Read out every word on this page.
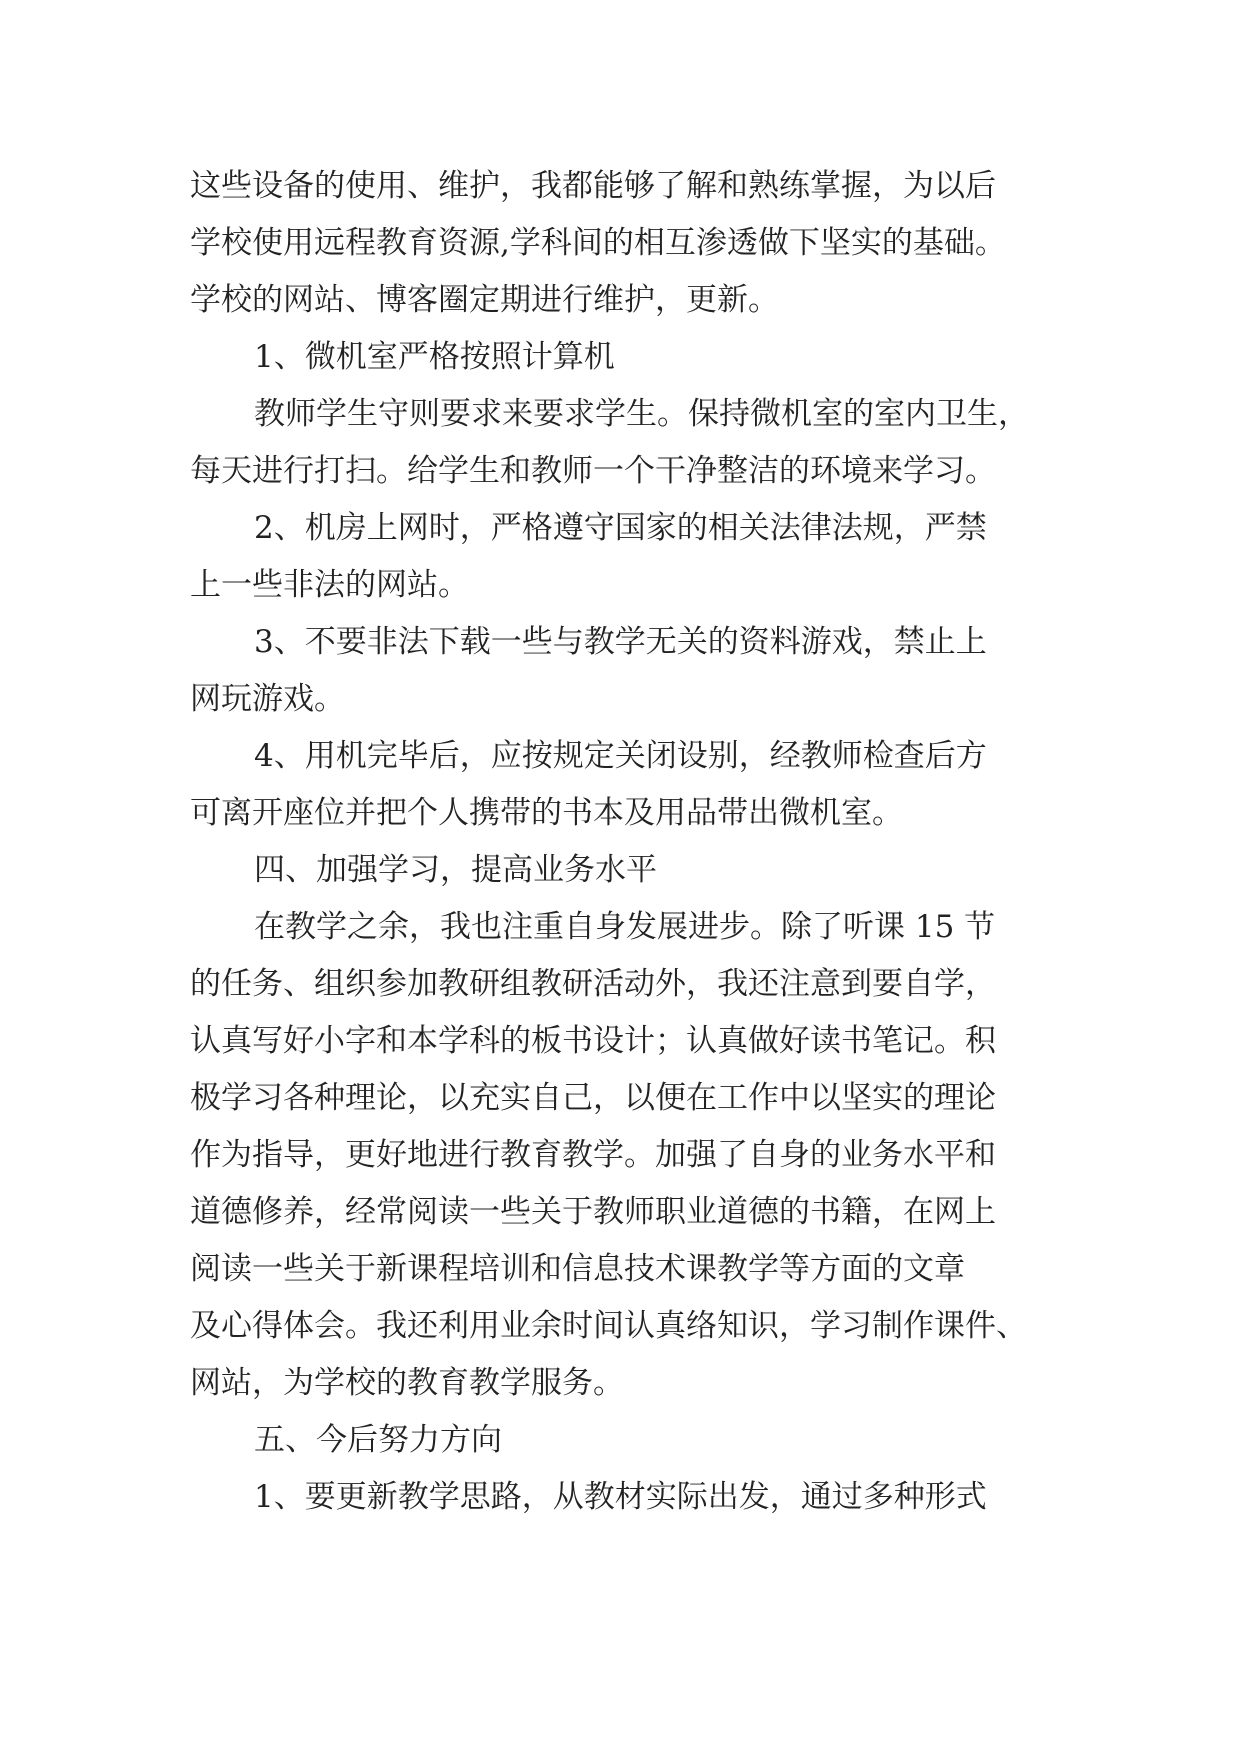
这些设备的使用、维护，我都能够了解和熟练掌握，为以后
学校使用远程教育资源,学科间的相互渗透做下坚实的基础。
学校的网站、博客圈定期进行维护，更新。
1、微机室严格按照计算机
教师学生守则要求来要求学生。保持微机室的室内卫生，
每天进行打扫。给学生和教师一个干净整洁的环境来学习。
2、机房上网时，严格遵守国家的相关法律法规，严禁
上一些非法的网站。
3、不要非法下载一些与教学无关的资料游戏，禁止上
网玩游戏。
4、用机完毕后，应按规定关闭设别，经教师检查后方
可离开座位并把个人携带的书本及用品带出微机室。
四、加强学习，提高业务水平
在教学之余，我也注重自身发展进步。除了听课 15 节
的任务、组织参加教研组教研活动外，我还注意到要自学，
认真写好小字和本学科的板书设计；认真做好读书笔记。积
极学习各种理论，以充实自己，以便在工作中以坚实的理论
作为指导，更好地进行教育教学。加强了自身的业务水平和
道德修养，经常阅读一些关于教师职业道德的书籍，在网上
阅读一些关于新课程培训和信息技术课教学等方面的文章
及心得体会。我还利用业余时间认真络知识，学习制作课件、
网站，为学校的教育教学服务。
五、今后努力方向
1、要更新教学思路，从教材实际出发，通过多种形式
